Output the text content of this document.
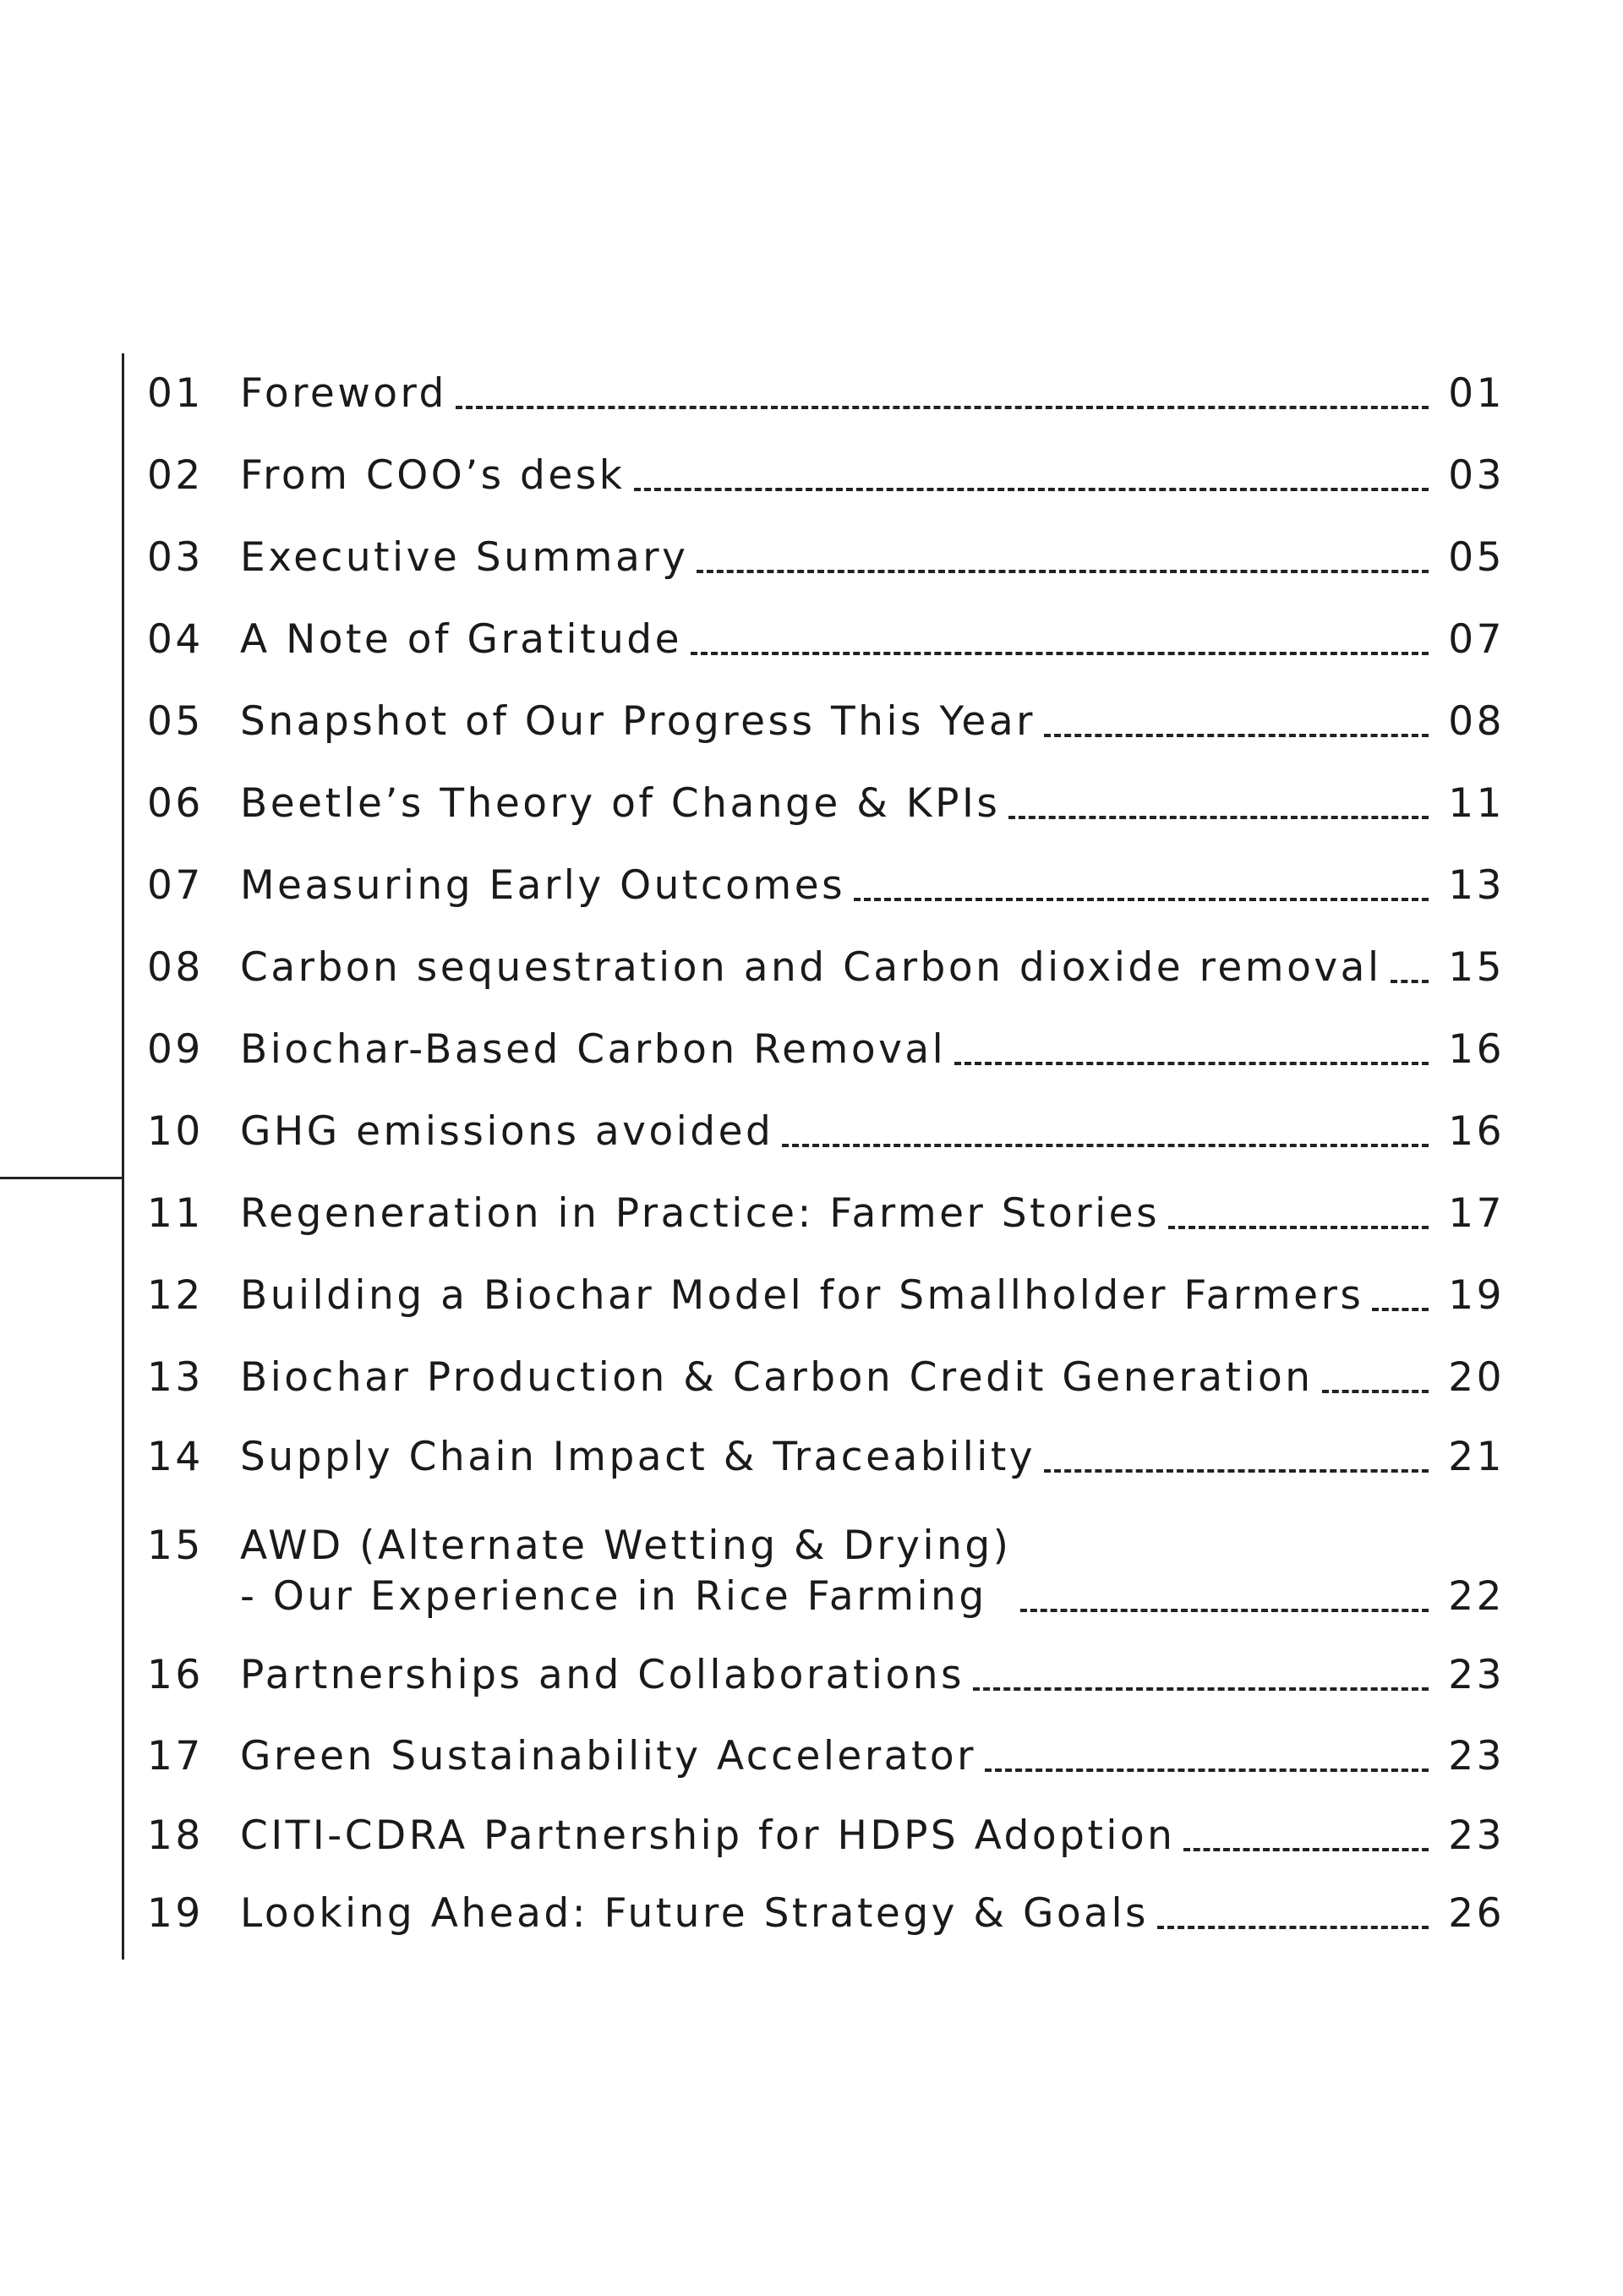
01 Foreword	01
02 From COO’s desk	03
03 Executive Summary	05
04 A Note of Gratitude	07
05 Snapshot of Our Progress This Year	08
06 Beetle’s Theory of Change & KPIs	11
07 Measuring Early Outcomes	13
08 Carbon sequestration and Carbon dioxide removal 15
09 Biochar-Based Carbon Removal	16
10 GHG emissions avoided	16
11 Regeneration in Practice: Farmer Stories	17
12 Building a Biochar Model for Smallholder Farmers 19
13 Biochar Production & Carbon Credit Generation	20
14 Supply Chain Impact & Traceability	21
15 AWD (Alternate Wetting & Drying)
- Our Experience in Rice Farming	22
16 Partnerships and Collaborations	23
17 Green Sustainability Accelerator	23
18 CITI-CDRA Partnership for HDPS Adoption	23
19 Looking Ahead: Future Strategy & Goals	26
